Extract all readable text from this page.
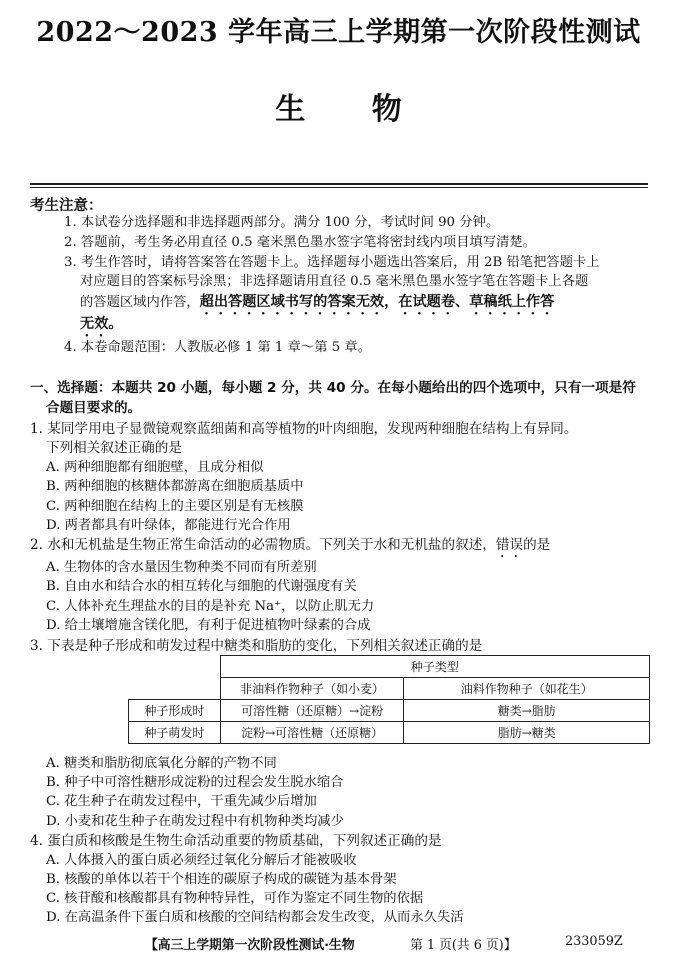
2022～2023 学年高三上学期第一次阶段性测试
生 物
考生注意：
1. 本试卷分选择题和非选择题两部分。满分 100 分，考试时间 90 分钟。
2. 答题前，考生务必用直径 0.5 毫米黑色墨水签字笔将密封线内项目填写清楚。
3. 考生作答时，请将答案答在答题卡上。选择题每小题选出答案后，用 2B 铅笔把答题卡上
对应题目的答案标号涂黑；非选择题请用直径 0.5 毫米黑色墨水签字笔在答题卡上各题
的答题区域内作答，超出答题区域书写的答案无效，在试题卷、草稿纸上作答
无效。
4. 本卷命题范围：人教版必修 1 第 1 章～第 5 章。
一、选择题：本题共 20 小题，每小题 2 分，共 40 分。在每小题给出的四个选项中，只有一项是符
合题目要求的。
1. 某同学用电子显微镜观察蓝细菌和高等植物的叶肉细胞，发现两种细胞在结构上有异同。
下列相关叙述正确的是
A. 两种细胞都有细胞壁，且成分相似
B. 两种细胞的核糖体都游离在细胞质基质中
C. 两种细胞在结构上的主要区别是有无核膜
D. 两者都具有叶绿体，都能进行光合作用
2. 水和无机盐是生物正常生命活动的必需物质。下列关于水和无机盐的叙述，错误的是
A. 生物体的含水量因生物种类不同而有所差别
B. 自由水和结合水的相互转化与细胞的代谢强度有关
C. 人体补充生理盐水的目的是补充 Na⁺，以防止肌无力
D. 给土壤增施含镁化肥，有利于促进植物叶绿素的合成
3. 下表是种子形成和萌发过程中糖类和脂肪的变化，下列相关叙述正确的是
	种子类型	
	非油料作物种子（如小麦）	油料作物种子（如花生）
种子形成时	可溶性糖（还原糖）→淀粉	糖类→脂肪
种子萌发时	淀粉→可溶性糖（还原糖）	脂肪→糖类
A. 糖类和脂肪彻底氧化分解的产物不同
B. 种子中可溶性糖形成淀粉的过程会发生脱水缩合
C. 花生种子在萌发过程中，干重先减少后增加
D. 小麦和花生种子在萌发过程中有机物种类均减少
4. 蛋白质和核酸是生物生命活动重要的物质基础，下列叙述正确的是
A. 人体摄入的蛋白质必须经过氧化分解后才能被吸收
B. 核酸的单体以若干个相连的碳原子构成的碳链为基本骨架
C. 核苷酸和核酸都具有物种特异性，可作为鉴定不同生物的依据
D. 在高温条件下蛋白质和核酸的空间结构都会发生改变，从而永久失活
【高三上学期第一次阶段性测试·生物	第 1 页(共 6 页)】	233059Z
